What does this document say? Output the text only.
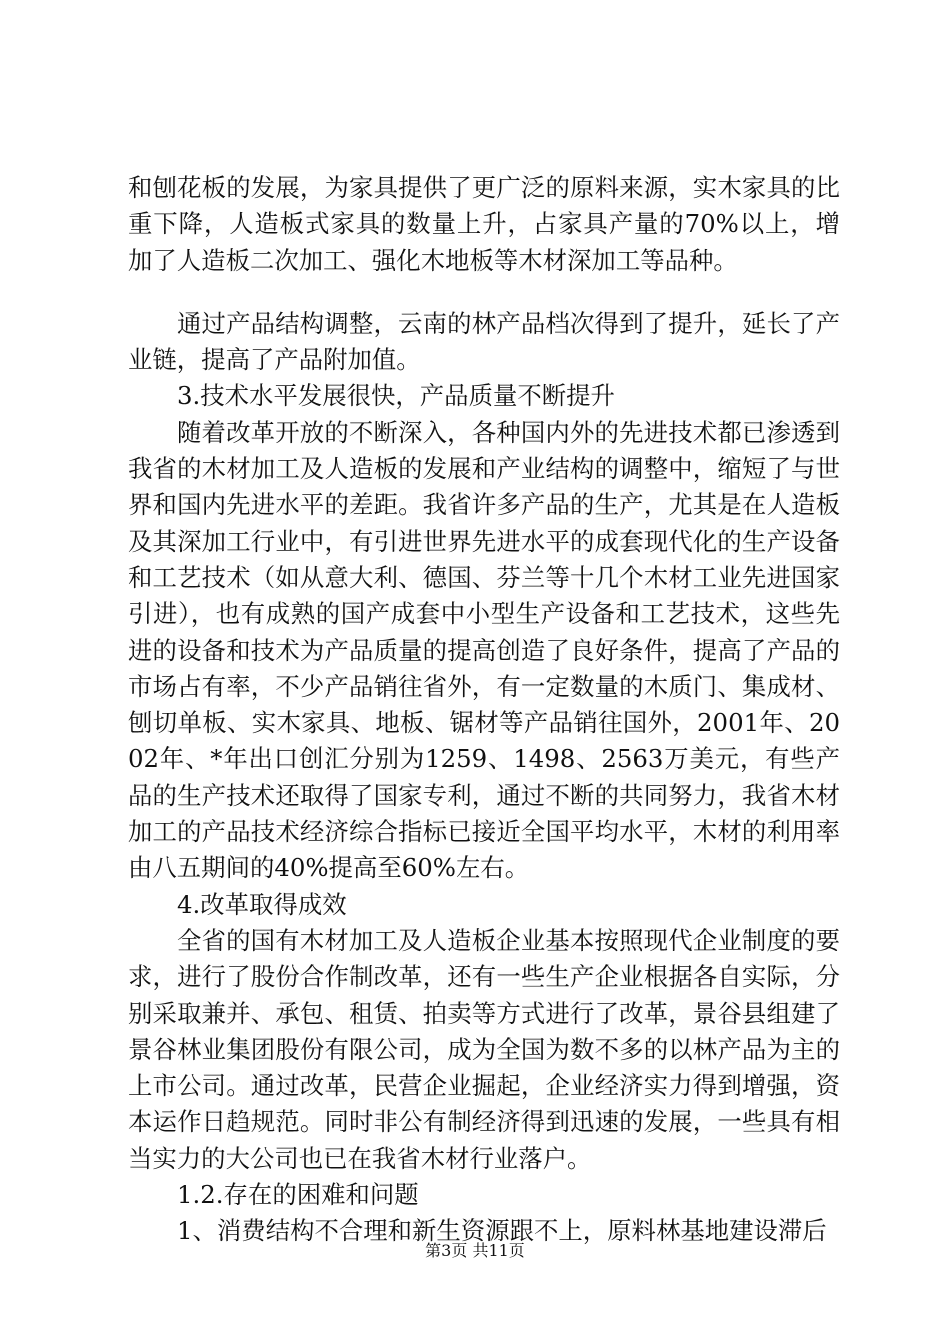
和刨花板的发展，为家具提供了更广泛的原料来源，实木家具的比重下降，人造板式家具的数量上升，占家具产量的70%以上，增加了人造板二次加工、强化木地板等木材深加工等品种。

通过产品结构调整，云南的林产品档次得到了提升，延长了产业链，提高了产品附加值。

3.技术水平发展很快，产品质量不断提升

随着改革开放的不断深入，各种国内外的先进技术都已渗透到我省的木材加工及人造板的发展和产业结构的调整中，缩短了与世界和国内先进水平的差距。我省许多产品的生产，尤其是在人造板及其深加工行业中，有引进世界先进水平的成套现代化的生产设备和工艺技术（如从意大利、德国、芬兰等十几个木材工业先进国家引进），也有成熟的国产成套中小型生产设备和工艺技术，这些先进的设备和技术为产品质量的提高创造了良好条件，提高了产品的市场占有率，不少产品销往省外，有一定数量的木质门、集成材、刨切单板、实木家具、地板、锯材等产品销往国外，2001年、2002年、*年出口创汇分别为1259、1498、2563万美元，有些产品的生产技术还取得了国家专利，通过不断的共同努力，我省木材加工的产品技术经济综合指标已接近全国平均水平，木材的利用率由八五期间的40%提高至60%左右。

4.改革取得成效

全省的国有木材加工及人造板企业基本按照现代企业制度的要求，进行了股份合作制改革，还有一些生产企业根据各自实际，分别采取兼并、承包、租赁、拍卖等方式进行了改革，景谷县组建了景谷林业集团股份有限公司，成为全国为数不多的以林产品为主的上市公司。通过改革，民营企业掘起，企业经济实力得到增强，资本运作日趋规范。同时非公有制经济得到迅速的发展，一些具有相当实力的大公司也已在我省木材行业落户。

1.2.存在的困难和问题

1、消费结构不合理和新生资源跟不上，原料林基地建设滞后

第3页 共11页
